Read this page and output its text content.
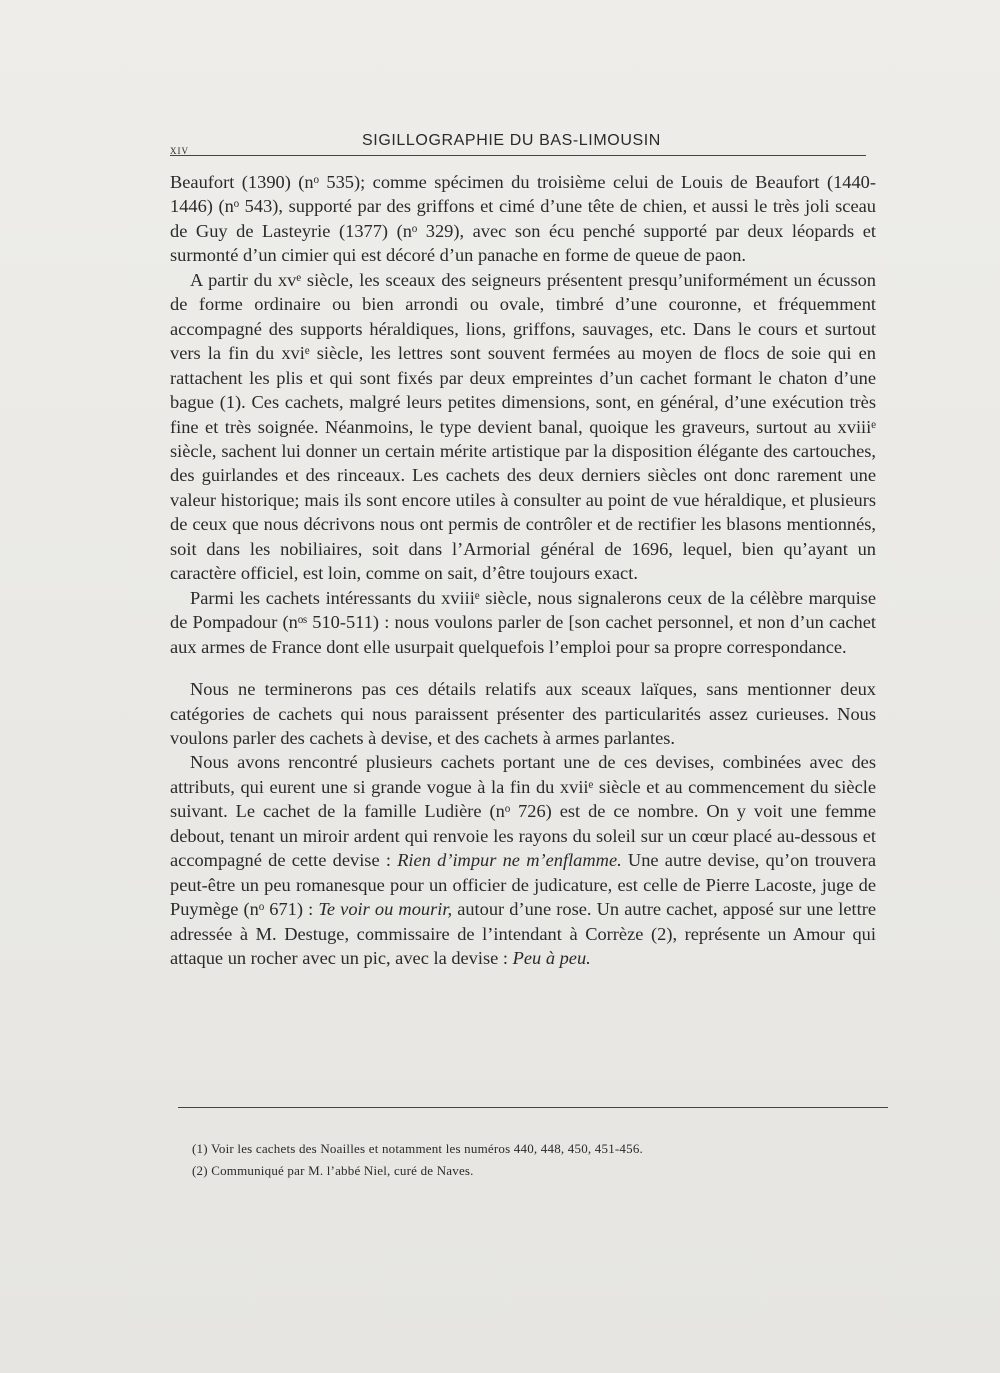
xiv
SIGILLOGRAPHIE DU BAS-LIMOUSIN

Beaufort (1390) (nᵒ 535); comme spécimen du troisième celui de Louis de Beaufort (1440-1446) (nᵒ 543), supporté par des griffons et cimé d’une tête de chien, et aussi le très joli sceau de Guy de Lasteyrie (1377) (nᵒ 329), avec son écu penché supporté par deux léopards et surmonté d’un cimier qui est décoré d’un panache en forme de queue de paon.

A partir du xvᵉ siècle, les sceaux des seigneurs présentent presqu’uniformément un écusson de forme ordinaire ou bien arrondi ou ovale, timbré d’une couronne, et fréquemment accompagné des supports héraldiques, lions, griffons, sauvages, etc. Dans le cours et surtout vers la fin du xviᵉ siècle, les lettres sont souvent fermées au moyen de flocs de soie qui en rattachent les plis et qui sont fixés par deux empreintes d’un cachet formant le chaton d’une bague (1). Ces cachets, malgré leurs petites dimensions, sont, en général, d’une exécution très fine et très soignée. Néanmoins, le type devient banal, quoique les graveurs, surtout au xviiiᵉ siècle, sachent lui donner un certain mérite artistique par la disposition élégante des cartouches, des guirlandes et des rinceaux. Les cachets des deux derniers siècles ont donc rarement une valeur historique; mais ils sont encore utiles à consulter au point de vue héraldique, et plusieurs de ceux que nous décrivons nous ont permis de contrôler et de rectifier les blasons mentionnés, soit dans les nobiliaires, soit dans l’Armorial général de 1696, lequel, bien qu’ayant un caractère officiel, est loin, comme on sait, d’être toujours exact.

Parmi les cachets intéressants du xviiiᵉ siècle, nous signalerons ceux de la célèbre marquise de Pompadour (nᵒˢ 510-511) : nous voulons parler de [son cachet personnel, et non d’un cachet aux armes de France dont elle usurpait quelquefois l’emploi pour sa propre correspondance.

Nous ne terminerons pas ces détails relatifs aux sceaux laïques, sans mentionner deux catégories de cachets qui nous paraissent présenter des particularités assez curieuses. Nous voulons parler des cachets à devise, et des cachets à armes parlantes.

Nous avons rencontré plusieurs cachets portant une de ces devises, combinées avec des attributs, qui eurent une si grande vogue à la fin du xviiᵉ siècle et au commencement du siècle suivant. Le cachet de la famille Ludière (nᵒ 726) est de ce nombre. On y voit une femme debout, tenant un miroir ardent qui renvoie les rayons du soleil sur un cœur placé au-dessous et accompagné de cette devise : Rien d’impur ne m’enflamme. Une autre devise, qu’on trouvera peut-être un peu romanesque pour un officier de judicature, est celle de Pierre Lacoste, juge de Puymège (nᵒ 671) : Te voir ou mourir, autour d’une rose. Un autre cachet, apposé sur une lettre adressée à M. Destuge, commissaire de l’intendant à Corrèze (2), représente un Amour qui attaque un rocher avec un pic, avec la devise : Peu à peu.

(1) Voir les cachets des Noailles et notamment les numéros 440, 448, 450, 451-456.
(2) Communiqué par M. l’abbé Niel, curé de Naves.
